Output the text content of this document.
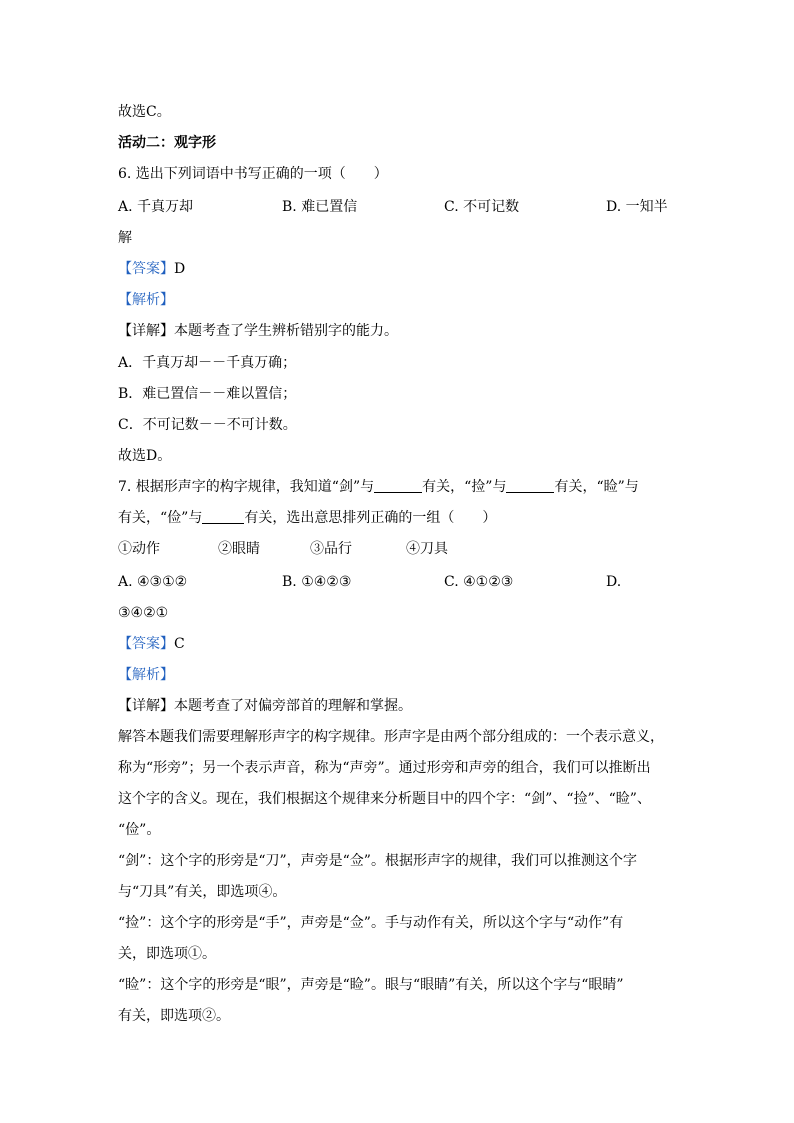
故选C。
活动二：观字形
6. 选出下列词语中书写正确的一项（　　）
A. 千真万却	B. 难已置信	C. 不可记数	D. 一知半
解
【答案】D
【解析】
【详解】本题考查了学生辨析错别字的能力。
A．千真万却－－千真万确；
B．难已置信－－难以置信；
C．不可记数－－不可计数。
故选D。
7. 根据形声字的构字规律，我知道“剑”与	有关，“捡”与	有关，“睑”与
有关，“俭”与	有关，选出意思排列正确的一组（　　）
①动作	②眼睛	③品行	④刀具
A. ④③①②	B. ①④②③	C. ④①②③	D.
③④②①
【答案】C
【解析】
【详解】本题考查了对偏旁部首的理解和掌握。
解答本题我们需要理解形声字的构字规律。形声字是由两个部分组成的：一个表示意义，
称为“形旁”；另一个表示声音，称为“声旁”。通过形旁和声旁的组合，我们可以推断出
这个字的含义。现在，我们根据这个规律来分析题目中的四个字：“剑”、“捡”、“睑”、
“俭”。
“剑”：这个字的形旁是“刀”，声旁是“佥”。根据形声字的规律，我们可以推测这个字
与“刀具”有关，即选项④。
“捡”：这个字的形旁是“手”，声旁是“佥”。手与动作有关，所以这个字与“动作”有
关，即选项①。
“睑”：这个字的形旁是“眼”，声旁是“睑”。眼与“眼睛”有关，所以这个字与“眼睛”
有关，即选项②。
